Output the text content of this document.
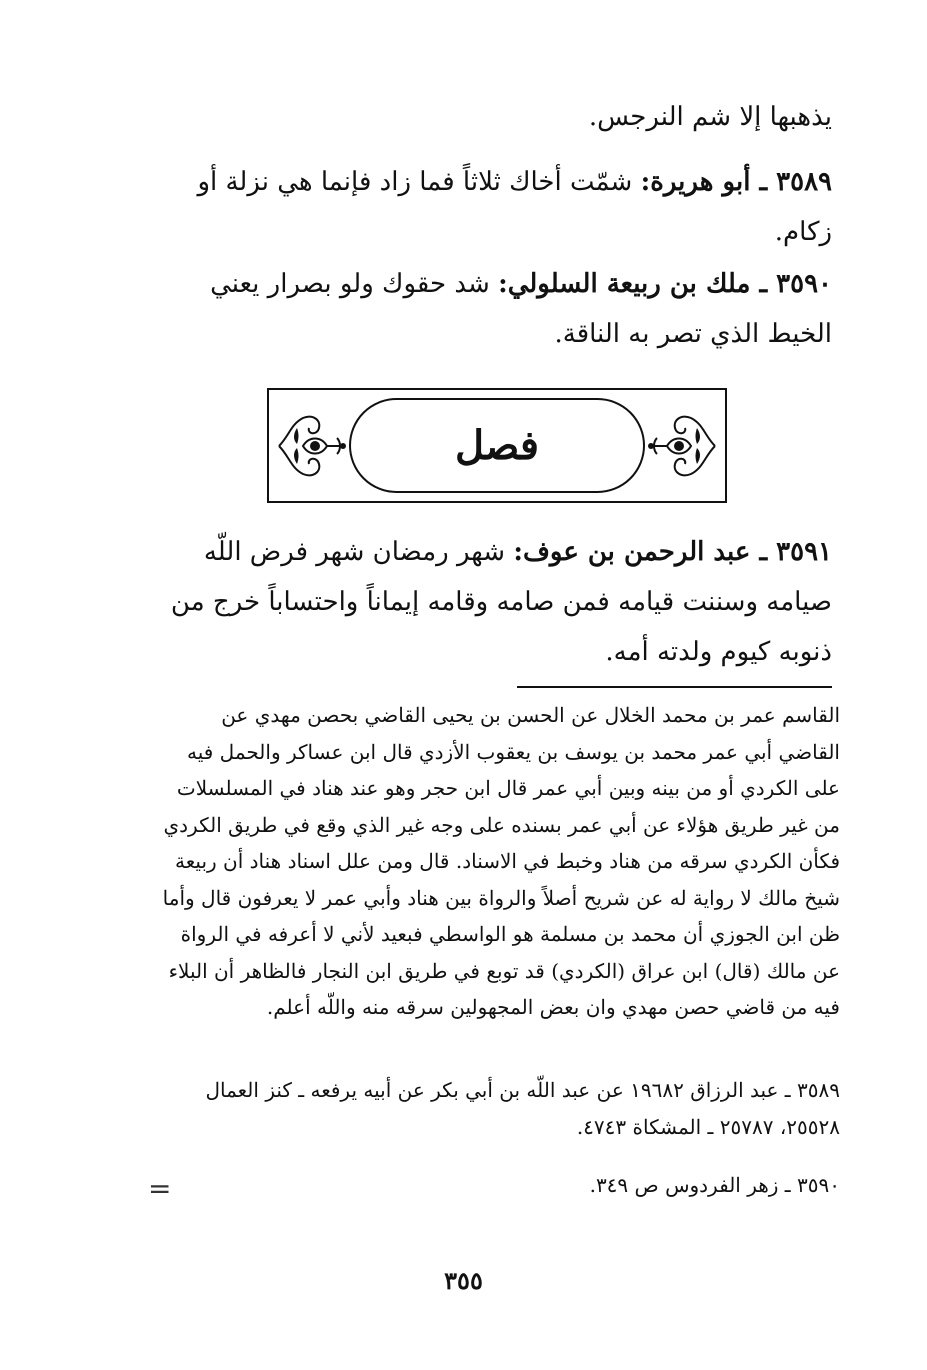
يذهبها إلا شم النرجس.
٣٥٨٩ ـ أبو هريرة: شمّت أخاك ثلاثاً فما زاد فإنما هي نزلة أو زكام.
٣٥٩٠ ـ ملك بن ربيعة السلولي: شد حقوك ولو بصرار يعني الخيط الذي تصر به الناقة.
فصل
٣٥٩١ ـ عبد الرحمن بن عوف: شهر رمضان شهر فرض اللّه صيامه وسننت قيامه فمن صامه وقامه إيماناً واحتساباً خرج من ذنوبه كيوم ولدته أمه.
القاسم عمر بن محمد الخلال عن الحسن بن يحيى القاضي بحصن مهدي عن القاضي أبي عمر محمد بن يوسف بن يعقوب الأزدي قال ابن عساكر والحمل فيه على الكردي أو من بينه وبين أبي عمر قال ابن حجر وهو عند هناد في المسلسلات من غير طريق هؤلاء عن أبي عمر بسنده على وجه غير الذي وقع في طريق الكردي فكأن الكردي سرقه من هناد وخبط في الاسناد. قال ومن علل اسناد هناد أن ربيعة شيخ مالك لا رواية له عن شريح أصلاً والرواة بين هناد وأبي عمر لا يعرفون قال وأما ظن ابن الجوزي أن محمد بن مسلمة هو الواسطي فبعيد لأني لا أعرفه في الرواة عن مالك (قال) ابن عراق (الكردي) قد توبع في طريق ابن النجار فالظاهر أن البلاء فيه من قاضي حصن مهدي وان بعض المجهولين سرقه منه واللّه أعلم.
٣٥٨٩ ـ عبد الرزاق ١٩٦٨٢ عن عبد اللّه بن أبي بكر عن أبيه يرفعه ـ كنز العمال ٢٥٥٢٨، ٢٥٧٨٧ ـ المشكاة ٤٧٤٣.
٣٥٩٠ ـ زهر الفردوس ص ٣٤٩.
=
٣٥٥
